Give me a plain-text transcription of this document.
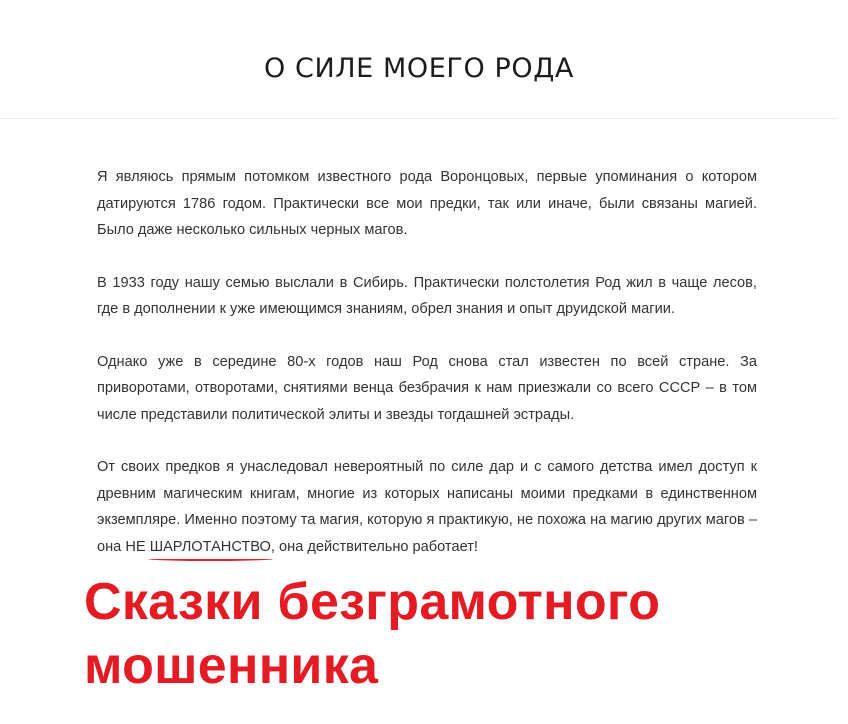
О СИЛЕ МОЕГО РОДА

Я являюсь прямым потомком известного рода Воронцовых, первые упоминания о котором датируются 1786 годом. Практически все мои предки, так или иначе, были связаны магией. Было даже несколько сильных черных магов.

В 1933 году нашу семью выслали в Сибирь. Практически полстолетия Род жил в чаще лесов, где в дополнении к уже имеющимся знаниям, обрел знания и опыт друидской магии.

Однако уже в середине 80-х годов наш Род снова стал известен по всей стране. За приворотами, отворотами, снятиями венца безбрачия к нам приезжали со всего СССР – в том числе представили политической элиты и звезды тогдашней эстрады.

От своих предков я унаследовал невероятный по силе дар и с самого детства имел доступ к древним магическим книгам, многие из которых написаны моими предками в единственном экземпляре. Именно поэтому та магия, которую я практикую, не похожа на магию других магов – она НЕ ШАРЛОТАНСТВО
, она действительно работает!

Сказки безграмотного
мошенника
